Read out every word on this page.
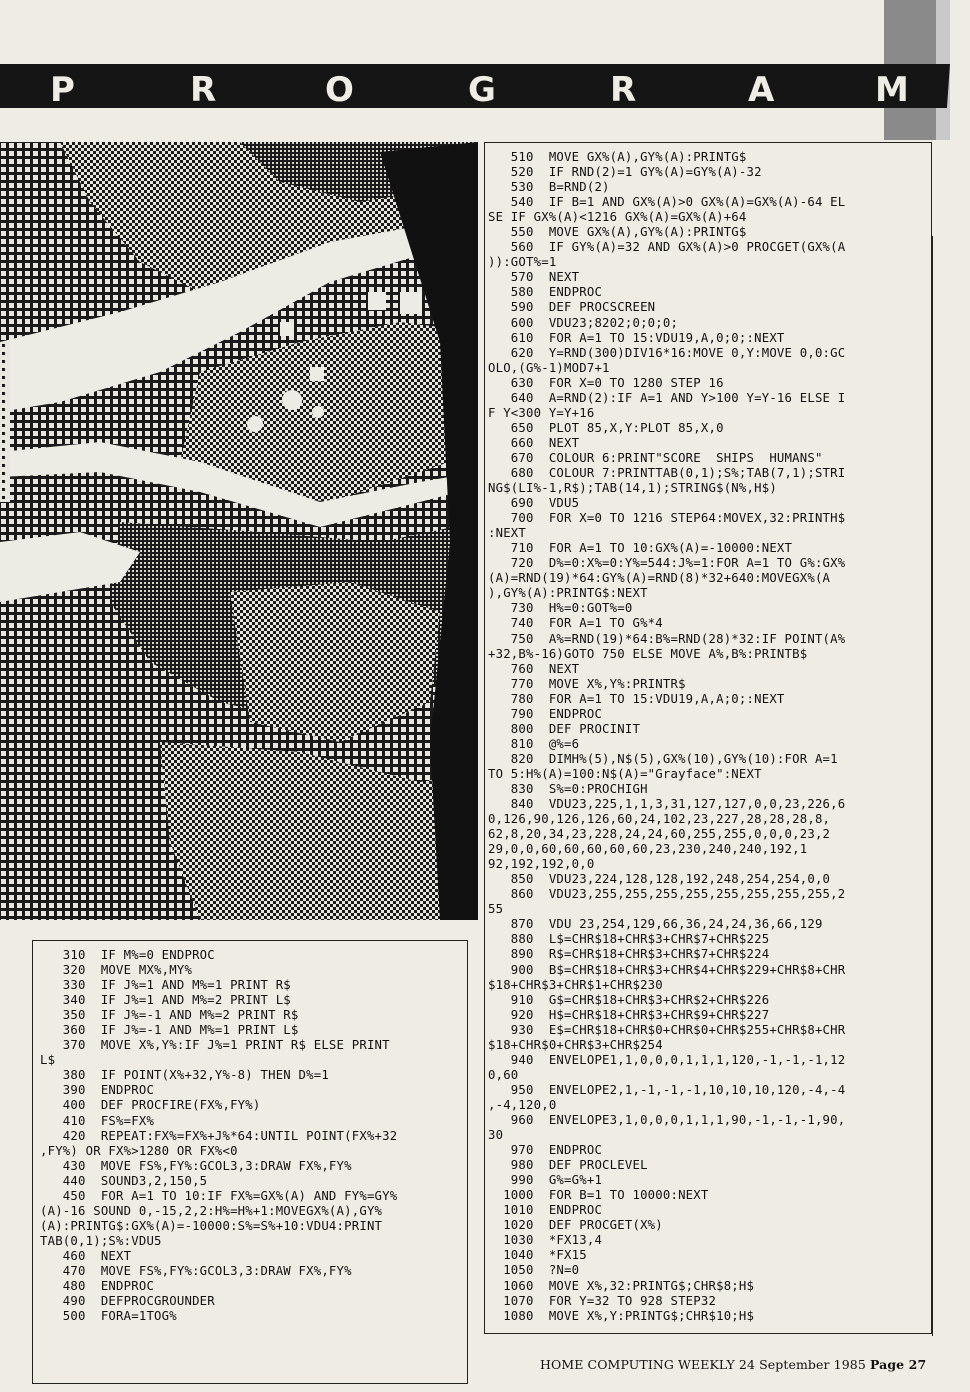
P	R	O	G	R	A	M
310  IF M%=0 ENDPROC
320  MOVE MX%,MY%
330  IF J%=1 AND M%=1 PRINT R$
340  IF J%=1 AND M%=2 PRINT L$
350  IF J%=-1 AND M%=2 PRINT R$
360  IF J%=-1 AND M%=1 PRINT L$
370  MOVE X%,Y%:IF J%=1 PRINT R$ ELSE PRINT
L$
380  IF POINT(X%+32,Y%-8) THEN D%=1
390  ENDPROC
400  DEF PROCFIRE(FX%,FY%)
410  FS%=FX%
420  REPEAT:FX%=FX%+J%*64:UNTIL POINT(FX%+32
,FY%) OR FX%>1280 OR FX%<0
430  MOVE FS%,FY%:GCOL3,3:DRAW FX%,FY%
440  SOUND3,2,150,5
450  FOR A=1 TO 10:IF FX%=GX%(A) AND FY%=GY%
(A)-16 SOUND 0,-15,2,2:H%=H%+1:MOVEGX%(A),GY%
(A):PRINTG$:GX%(A)=-10000:S%=S%+10:VDU4:PRINT
TAB(0,1);S%:VDU5
460  NEXT
470  MOVE FS%,FY%:GCOL3,3:DRAW FX%,FY%
480  ENDPROC
490  DEFPROCGROUNDER
500  FORA=1TOG%
510  MOVE GX%(A),GY%(A):PRINTG$
520  IF RND(2)=1 GY%(A)=GY%(A)-32
530  B=RND(2)
540  IF B=1 AND GX%(A)>0 GX%(A)=GX%(A)-64 EL
SE IF GX%(A)<1216 GX%(A)=GX%(A)+64
550  MOVE GX%(A),GY%(A):PRINTG$
560  IF GY%(A)=32 AND GX%(A)>0 PROCGET(GX%(A
)):GOT%=1
570  NEXT
580  ENDPROC
590  DEF PROCSCREEN
600  VDU23;8202;0;0;0;
610  FOR A=1 TO 15:VDU19,A,0;0;:NEXT
620  Y=RND(300)DIV16*16:MOVE 0,Y:MOVE 0,0:GC
OLO,(G%-1)MOD7+1
630  FOR X=0 TO 1280 STEP 16
640  A=RND(2):IF A=1 AND Y>100 Y=Y-16 ELSE I
F Y<300 Y=Y+16
650  PLOT 85,X,Y:PLOT 85,X,0
660  NEXT
670  COLOUR 6:PRINT"SCORE  SHIPS  HUMANS"
680  COLOUR 7:PRINTTAB(0,1);S%;TAB(7,1);STRI
NG$(LI%-1,R$);TAB(14,1);STRING$(N%,H$)
690  VDU5
700  FOR X=0 TO 1216 STEP64:MOVEX,32:PRINTH$
:NEXT
710  FOR A=1 TO 10:GX%(A)=-10000:NEXT
720  D%=0:X%=0:Y%=544:J%=1:FOR A=1 TO G%:GX%
(A)=RND(19)*64:GY%(A)=RND(8)*32+640:MOVEGX%(A
),GY%(A):PRINTG$:NEXT
730  H%=0:GOT%=0
740  FOR A=1 TO G%*4
750  A%=RND(19)*64:B%=RND(28)*32:IF POINT(A%
+32,B%-16)GOTO 750 ELSE MOVE A%,B%:PRINTB$
760  NEXT
770  MOVE X%,Y%:PRINTR$
780  FOR A=1 TO 15:VDU19,A,A;0;:NEXT
790  ENDPROC
800  DEF PROCINIT
810  @%=6
820  DIMH%(5),N$(5),GX%(10),GY%(10):FOR A=1
TO 5:H%(A)=100:N$(A)="Grayface":NEXT
830  S%=0:PROCHIGH
840  VDU23,225,1,1,3,31,127,127,0,0,23,226,6
0,126,90,126,126,60,24,102,23,227,28,28,28,8,
62,8,20,34,23,228,24,24,60,255,255,0,0,0,23,2
29,0,0,60,60,60,60,60,23,230,240,240,192,1
92,192,192,0,0
850  VDU23,224,128,128,192,248,254,254,0,0
860  VDU23,255,255,255,255,255,255,255,255,2
55
870  VDU 23,254,129,66,36,24,24,36,66,129
880  L$=CHR$18+CHR$3+CHR$7+CHR$225
890  R$=CHR$18+CHR$3+CHR$7+CHR$224
900  B$=CHR$18+CHR$3+CHR$4+CHR$229+CHR$8+CHR
$18+CHR$3+CHR$1+CHR$230
910  G$=CHR$18+CHR$3+CHR$2+CHR$226
920  H$=CHR$18+CHR$3+CHR$9+CHR$227
930  E$=CHR$18+CHR$0+CHR$0+CHR$255+CHR$8+CHR
$18+CHR$0+CHR$3+CHR$254
940  ENVELOPE1,1,0,0,0,1,1,1,120,-1,-1,-1,12
0,60
950  ENVELOPE2,1,-1,-1,-1,10,10,10,120,-4,-4
,-4,120,0
960  ENVELOPE3,1,0,0,0,1,1,1,90,-1,-1,-1,90,
30
970  ENDPROC
980  DEF PROCLEVEL
990  G%=G%+1
1000  FOR B=1 TO 10000:NEXT
1010  ENDPROC
1020  DEF PROCGET(X%)
1030  *FX13,4
1040  *FX15
1050  ?N=0
1060  MOVE X%,32:PRINTG$;CHR$8;H$
1070  FOR Y=32 TO 928 STEP32
1080  MOVE X%,Y:PRINTG$;CHR$10;H$
HOME COMPUTING WEEKLY 24 September 1985 Page 27
